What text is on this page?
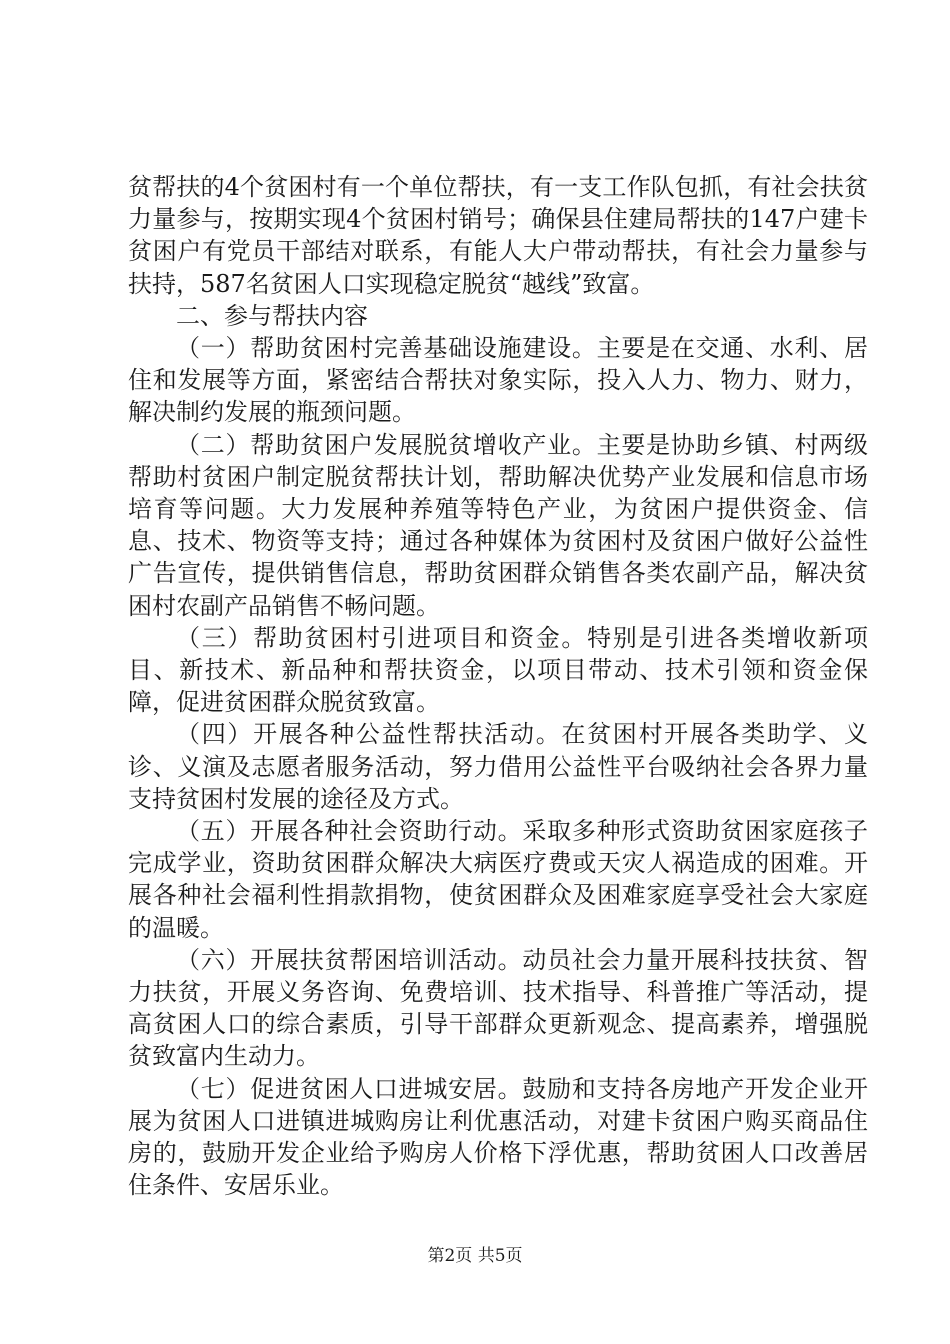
贫帮扶的4个贫困村有一个单位帮扶，有一支工作队包抓，有社会扶贫力量参与，按期实现4个贫困村销号；确保县住建局帮扶的147户建卡贫困户有党员干部结对联系，有能人大户带动帮扶，有社会力量参与扶持，587名贫困人口实现稳定脱贫“越线”致富。

二、参与帮扶内容

（一）帮助贫困村完善基础设施建设。主要是在交通、水利、居住和发展等方面，紧密结合帮扶对象实际，投入人力、物力、财力，解决制约发展的瓶颈问题。

（二）帮助贫困户发展脱贫增收产业。主要是协助乡镇、村两级帮助村贫困户制定脱贫帮扶计划，帮助解决优势产业发展和信息市场培育等问题。大力发展种养殖等特色产业，为贫困户提供资金、信息、技术、物资等支持；通过各种媒体为贫困村及贫困户做好公益性广告宣传，提供销售信息，帮助贫困群众销售各类农副产品，解决贫困村农副产品销售不畅问题。

（三）帮助贫困村引进项目和资金。特别是引进各类增收新项目、新技术、新品种和帮扶资金，以项目带动、技术引领和资金保障，促进贫困群众脱贫致富。

（四）开展各种公益性帮扶活动。在贫困村开展各类助学、义诊、义演及志愿者服务活动，努力借用公益性平台吸纳社会各界力量支持贫困村发展的途径及方式。

（五）开展各种社会资助行动。采取多种形式资助贫困家庭孩子完成学业，资助贫困群众解决大病医疗费或天灾人祸造成的困难。开展各种社会福利性捐款捐物，使贫困群众及困难家庭享受社会大家庭的温暖。

（六）开展扶贫帮困培训活动。动员社会力量开展科技扶贫、智力扶贫，开展义务咨询、免费培训、技术指导、科普推广等活动，提高贫困人口的综合素质，引导干部群众更新观念、提高素养，增强脱贫致富内生动力。

（七）促进贫困人口进城安居。鼓励和支持各房地产开发企业开展为贫困人口进镇进城购房让利优惠活动，对建卡贫困户购买商品住房的，鼓励开发企业给予购房人价格下浮优惠，帮助贫困人口改善居住条件、安居乐业。

第2页 共5页
